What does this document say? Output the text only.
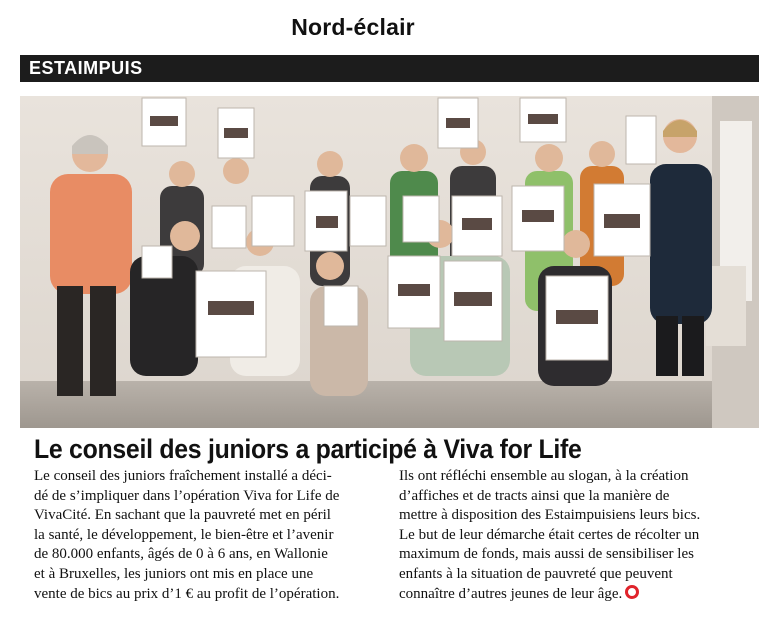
Nord-éclair
ESTAIMPUIS
Le conseil des juniors a participé à Viva for Life

Le conseil des juniors fraîchement installé a déci-
dé de s’impliquer dans l’opération Viva for Life de
VivaCité. En sachant que la pauvreté met en péril
la santé, le développement, le bien-être et l’avenir
de 80.000 enfants, âgés de 0 à 6 ans, en Wallonie
et à Bruxelles, les juniors ont mis en place une
vente de bics au prix d’1 € au profit de l’opération.

Ils ont réfléchi ensemble au slogan, à la création
d’affiches et de tracts ainsi que la manière de
mettre à disposition des Estaimpuisiens leurs bics.
Le but de leur démarche était certes de récolter un
maximum de fonds, mais aussi de sensibiliser les
enfants à la situation de pauvreté que peuvent
connaître d’autres jeunes de leur âge.
